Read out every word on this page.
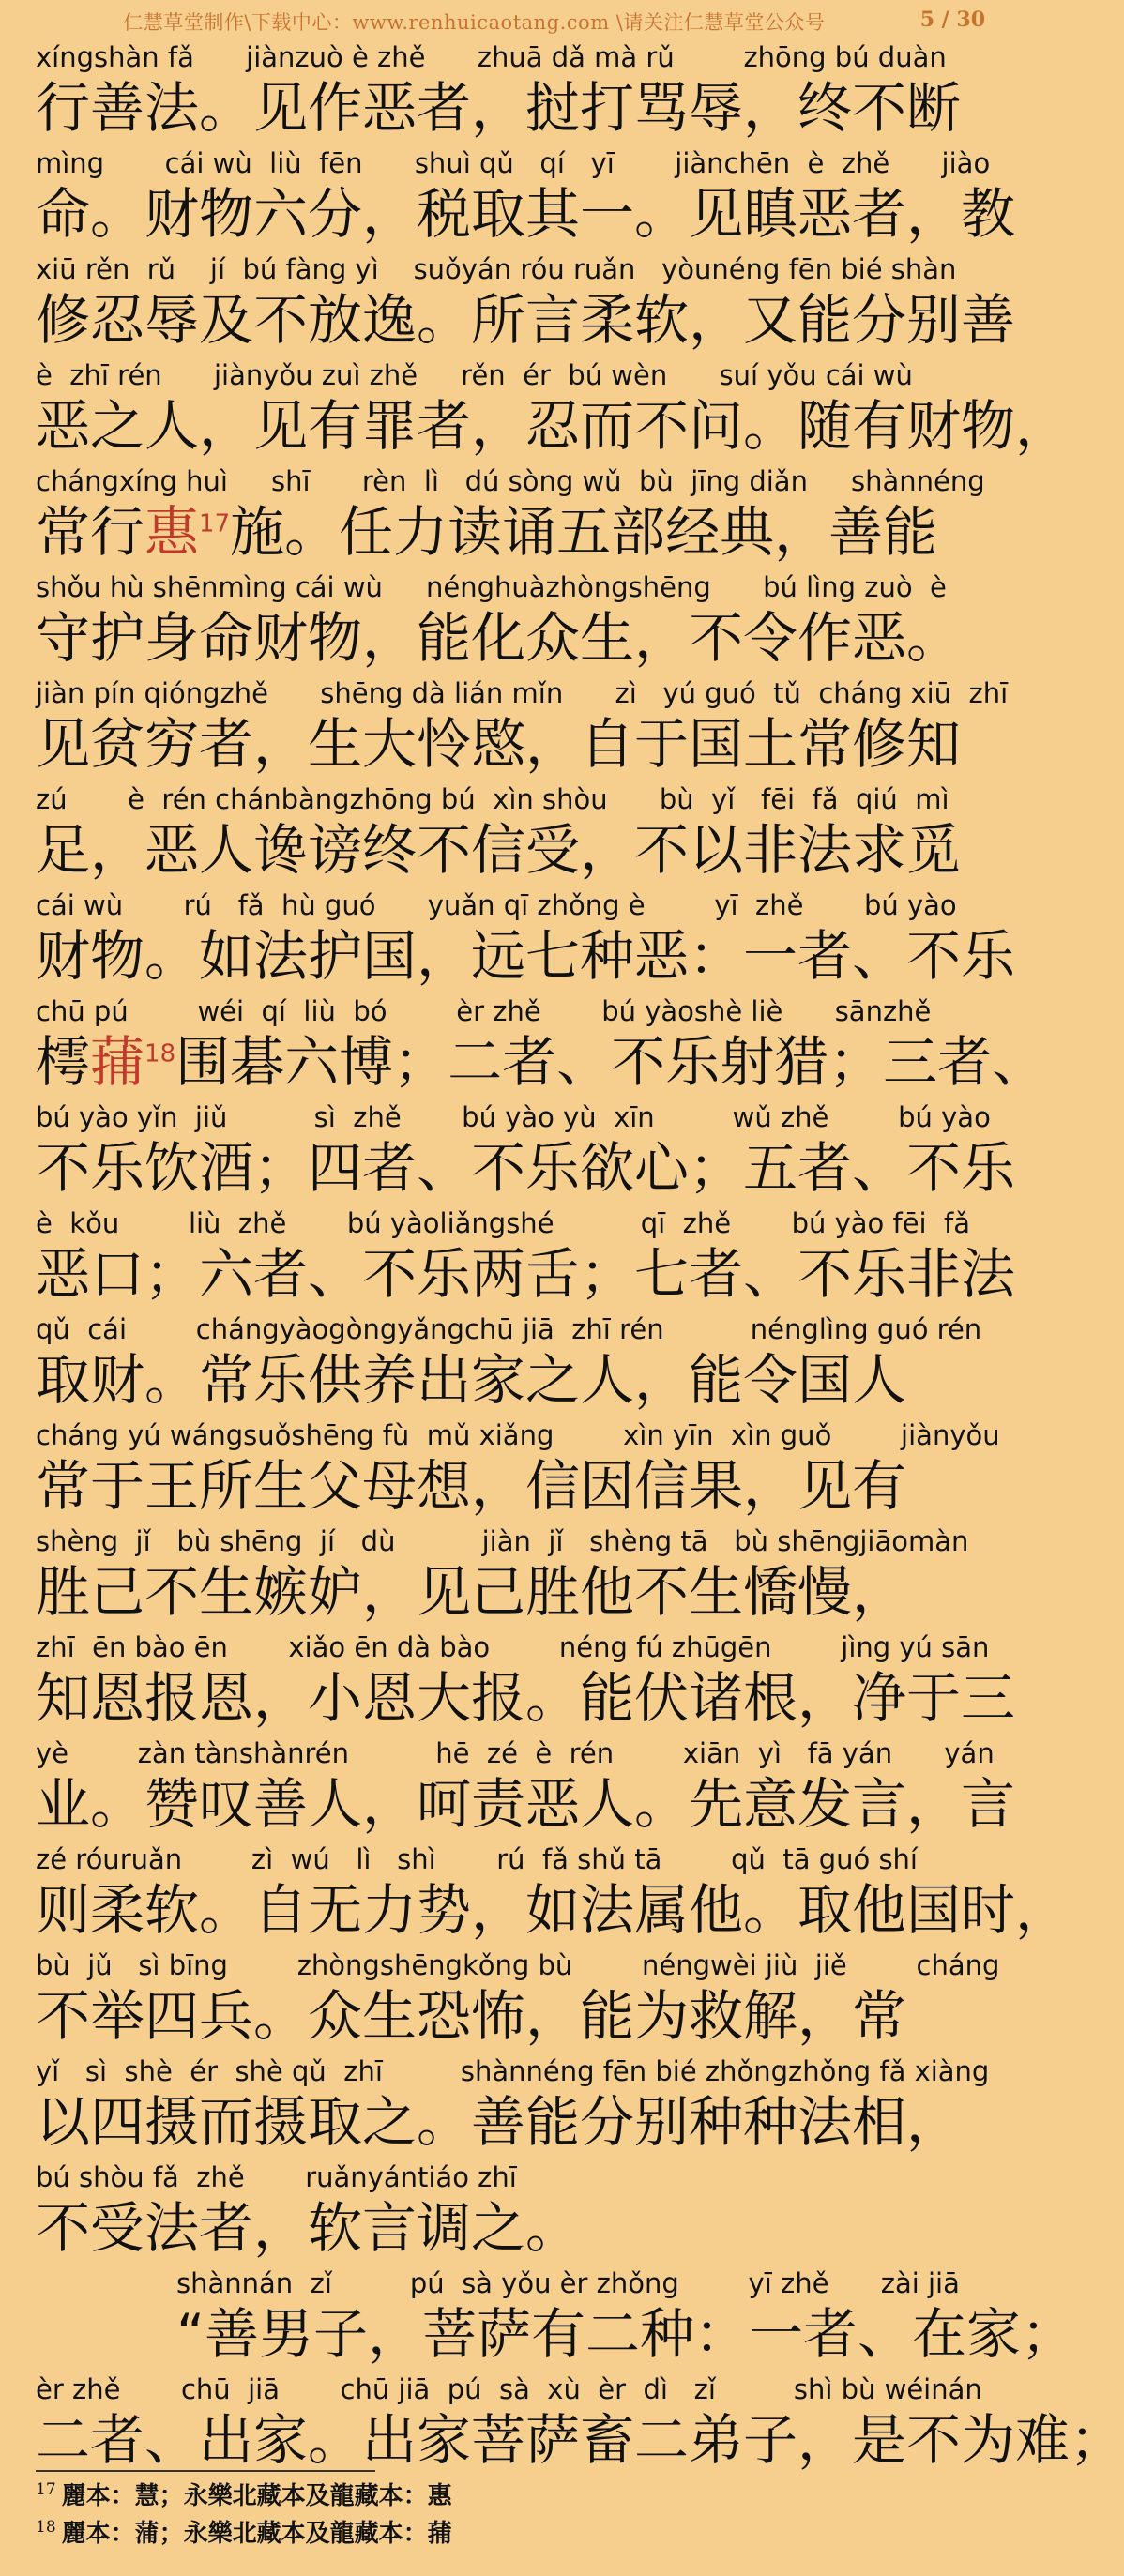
仁慧草堂制作\下载中心：www.renhuicaotang.com \请关注仁慧草堂公众号	5 / 30
xíngshàn fǎ      jiànzuò è zhě      zhuā dǎ mà rǔ        zhōng bú duàn
行善法。见作恶者，挝打骂辱，终不断
mìng       cái wù  liù  fēn      shuì qǔ   qí   yī       jiànchēn  è  zhě      jiào
命。财物六分，税取其一。见瞋恶者，教
xiū rěn  rǔ    jí  bú fàng yì    suǒyán róu ruǎn   yòunéng fēn bié shàn
修忍辱及不放逸。所言柔软，又能分别善
è  zhī rén      jiànyǒu zuì zhě     rěn  ér  bú wèn      suí yǒu cái wù
恶之人，见有罪者，忍而不问。随有财物，
chángxíng huì     shī      rèn  lì   dú sòng wǔ  bù  jīng diǎn     shànnéng
常行惠$^{17}$施。任力读诵五部经典，善能
shǒu hù shēnmìng cái wù     nénghuàzhòngshēng      bú lìng zuò  è
守护身命财物，能化众生，不令作恶。
jiàn pín qióngzhě      shēng dà lián mǐn      zì   yú guó  tǔ  cháng xiū  zhī
见贫穷者，生大怜愍，自于国土常修知
zú       è  rén chánbàngzhōng bú  xìn shòu      bù  yǐ   fēi  fǎ  qiú  mì
足，恶人谗谤终不信受，不以非法求觅
cái wù       rú   fǎ  hù guó      yuǎn qī zhǒng è        yī  zhě       bú yào
财物。如法护国，远七种恶：一者、不乐
chū pú        wéi  qí  liù  bó        èr zhě       bú yàoshè liè      sānzhě
樗蒱$^{18}$围碁六博；二者、不乐射猎；三者、
bú yào yǐn  jiǔ          sì  zhě       bú yào yù  xīn         wǔ zhě        bú yào
不乐饮酒；四者、不乐欲心；五者、不乐
è  kǒu        liù  zhě       bú yàoliǎngshé          qī  zhě       bú yào fēi  fǎ
恶口；六者、不乐两舌；七者、不乐非法
qǔ  cái        chángyàogòngyǎngchū jiā  zhī rén          nénglìng guó rén
取财。常乐供养出家之人，能令国人
cháng yú wángsuǒshēng fù  mǔ xiǎng        xìn yīn  xìn guǒ        jiànyǒu
常于王所生父母想，信因信果，见有
shèng  jǐ   bù shēng  jí   dù          jiàn  jǐ   shèng tā   bù shēngjiāomàn
胜己不生嫉妒，见己胜他不生憍慢，
zhī  ēn bào ēn       xiǎo ēn dà bào        néng fú zhūgēn        jìng yú sān
知恩报恩，小恩大报。能伏诸根，净于三
yè        zàn tànshànrén          hē  zé  è  rén        xiān  yì   fā yán      yán
业。赞叹善人，呵责恶人。先意发言，言
zé róuruǎn        zì  wú   lì   shì       rú  fǎ shǔ tā        qǔ  tā guó shí
则柔软。自无力势，如法属他。取他国时，
bù  jǔ   sì bīng        zhòngshēngkǒng bù        néngwèi jiù  jiě        cháng
不举四兵。众生恐怖，能为救解，常
yǐ   sì  shè  ér  shè qǔ  zhī         shànnéng fēn bié zhǒngzhǒng fǎ xiàng
以四摄而摄取之。善能分别种种法相，
bú shòu fǎ  zhě       ruǎnyántiáo zhī
不受法者，软言调之。
shànnán  zǐ         pú  sà yǒu èr zhǒng        yī zhě      zài jiā
“善男子，菩萨有二种：一者、在家；
èr zhě       chū  jiā       chū jiā  pú  sà  xù  èr  dì   zǐ         shì bù wéinán
二者、出家。出家菩萨畜二弟子，是不为难；
$^{17}$ 麗本：慧；永樂北藏本及龍藏本：惠
$^{18}$ 麗本：蒲；永樂北藏本及龍藏本：蒱
